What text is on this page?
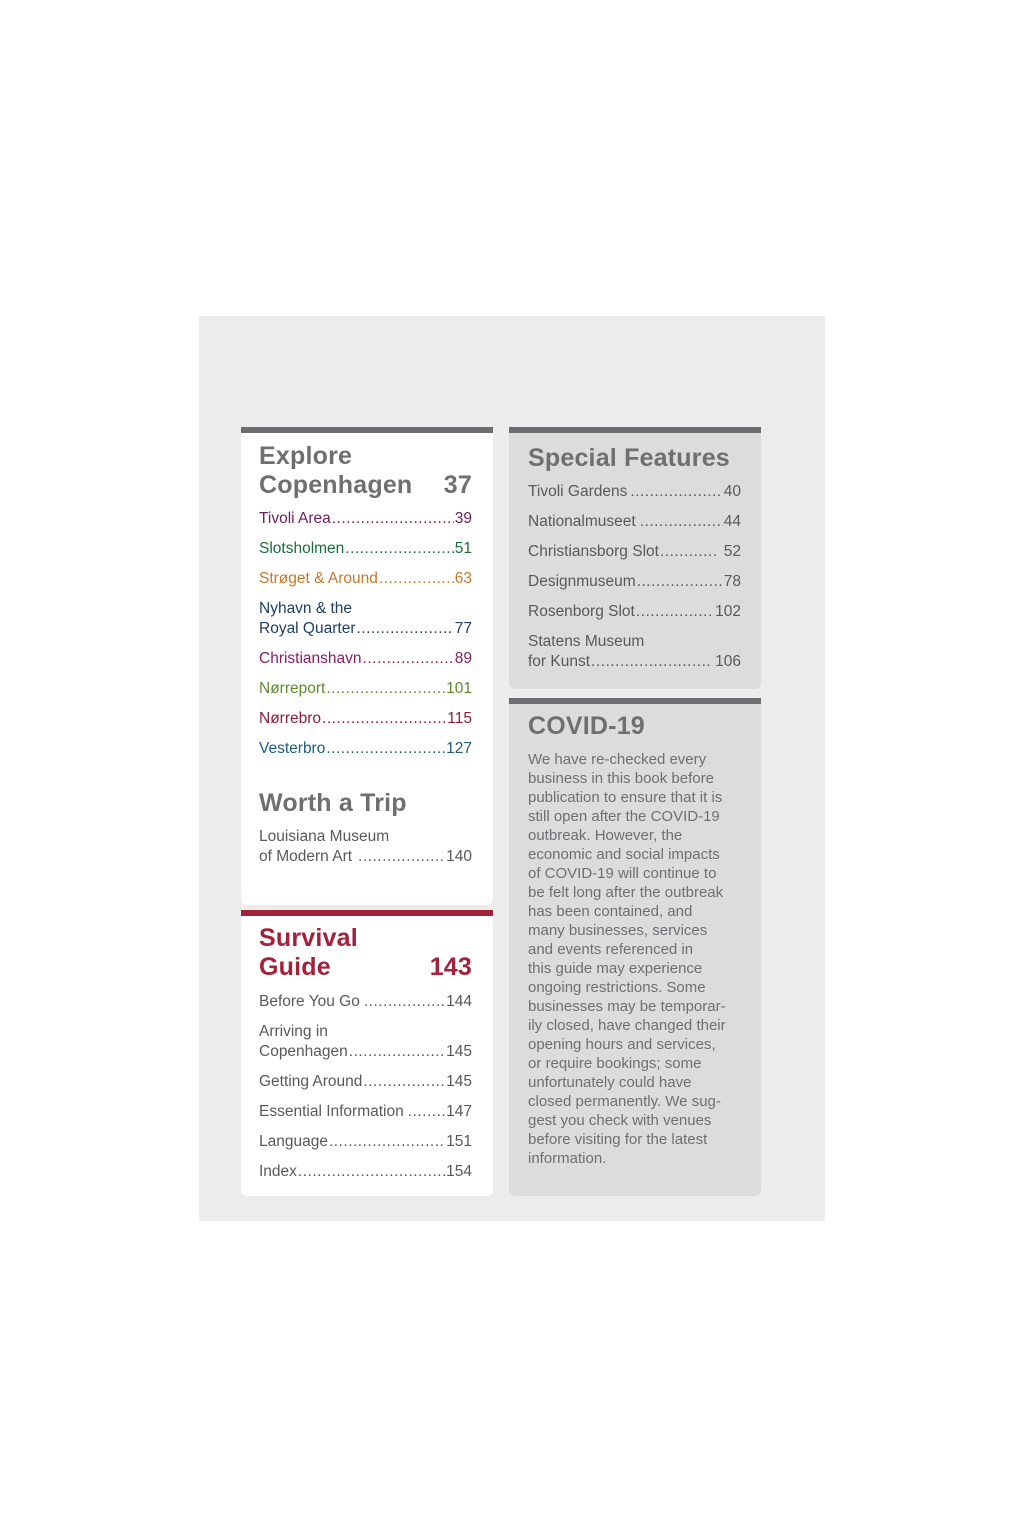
Explore
Copenhagen	37
Tivoli Area .....	39
Slotsholmen .....	51
Strøget & Around .....	63
Nyhavn & the
Royal Quarter .....	77
Christianshavn .....	89
Nørreport .....	101
Nørrebro .....	115
Vesterbro .....	127
Worth a Trip
Louisiana Museum
of Modern Art .....	140
Survival
Guide	143
Before You Go .....	144
Arriving in
Copenhagen .....	145
Getting Around .....	145
Essential Information .....	147
Language .....	151
Index .....	154
Special Features
Tivoli Gardens .....	40
Nationalmuseet .....	44
Christiansborg Slot .....	52
Designmuseum .....	78
Rosenborg Slot .....	102
Statens Museum
for Kunst .....	106
COVID-19
We have re-checked every
business in this book before
publication to ensure that it is
still open after the COVID-19
outbreak. However, the
economic and social impacts
of COVID-19 will continue to
be felt long after the outbreak
has been contained, and
many businesses, services
and events referenced in
this guide may experience
ongoing restrictions. Some
businesses may be temporar-
ily closed, have changed their
opening hours and services,
or require bookings; some
unfortunately could have
closed permanently. We sug-
gest you check with venues
before visiting for the latest
information.
